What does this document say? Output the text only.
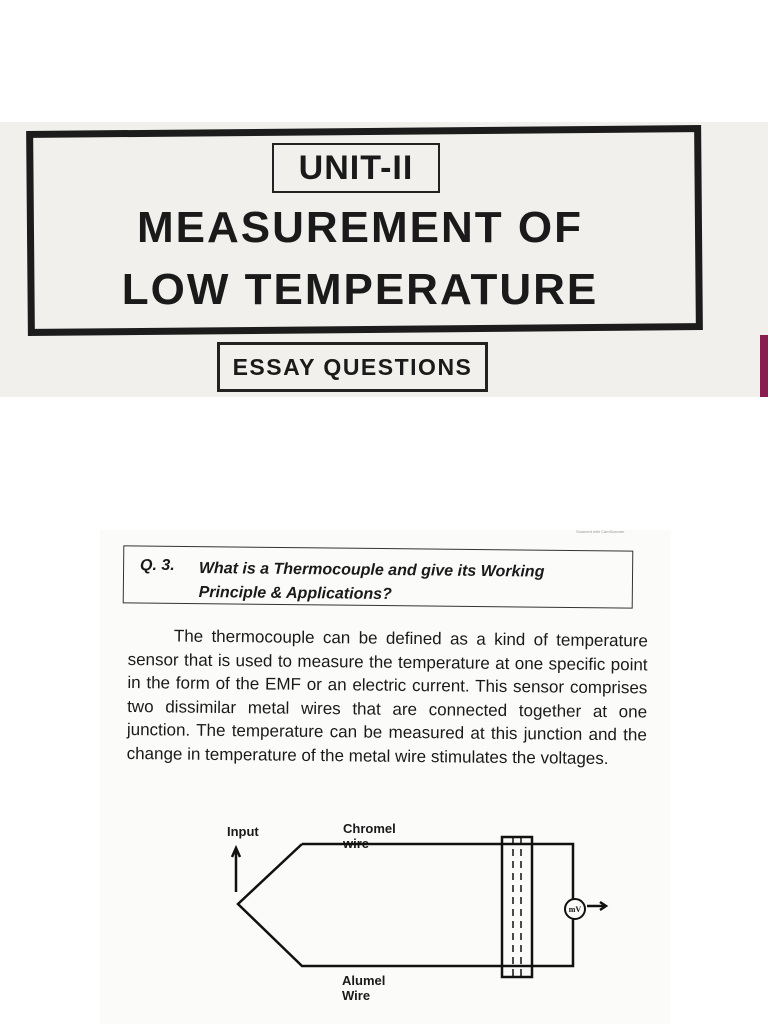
UNIT-II
MEASUREMENT OF
LOW TEMPERATURE
ESSAY QUESTIONS
Scanned with CamScanner
Q. 3. What is a Thermocouple and give its Working
Principle & Applications?
The thermocouple can be defined as a kind of temperature sensor that is used to measure the temperature at one specific point in the form of the EMF or an electric current. This sensor comprises two dissimilar metal wires that are connected together at one junction. The temperature can be measured at this junction and the change in temperature of the metal wire stimulates the voltages.
Input	Chromel wire
Alumel Wire
mV
